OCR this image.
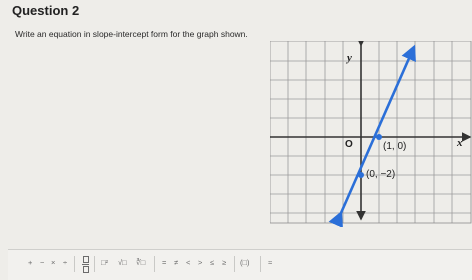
Question 2
Write an equation in slope-intercept form for the graph shown.
y
x
O	(1, 0)
(0, −2)
+ − × ÷	□² √□ ∛□ = ≠ < > ≤ ≥ (□) ≈
